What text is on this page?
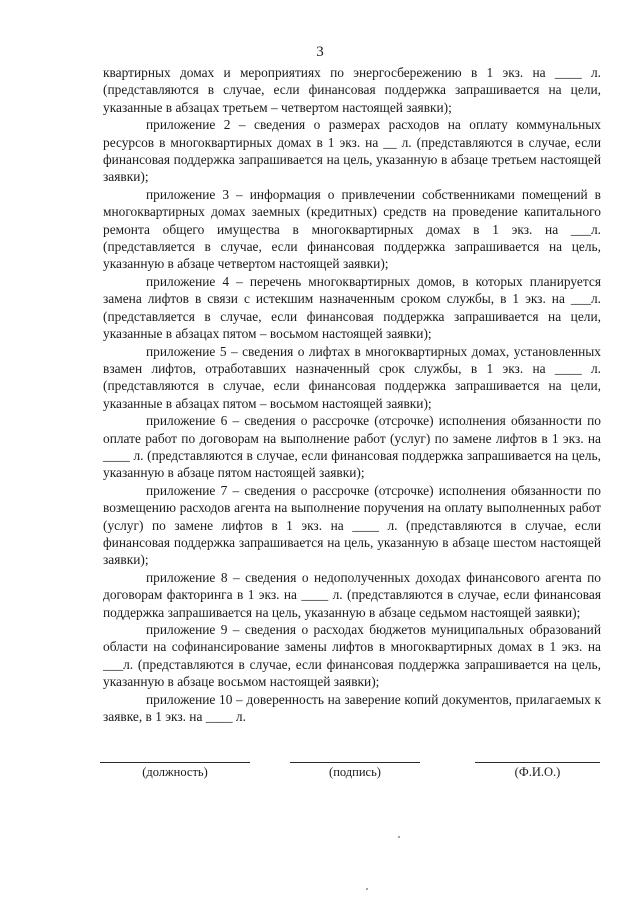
3

квартирных домах и мероприятиях по энергосбережению в 1 экз. на ____ л. (представляются в случае, если финансовая поддержка запрашивается на цели, указанные в абзацах третьем – четвертом настоящей заявки);

приложение 2 – сведения о размерах расходов на оплату коммунальных ресурсов в многоквартирных домах в 1 экз. на __ л. (представляются в случае, если финансовая поддержка запрашивается на цель, указанную в абзаце третьем настоящей заявки);

приложение 3 – информация о привлечении собственниками помещений в многоквартирных домах заемных (кредитных) средств на проведение капитального ремонта общего имущества в многоквартирных домах в 1 экз. на ___л. (представляется в случае, если финансовая поддержка запрашивается на цель, указанную в абзаце четвертом настоящей заявки);

приложение 4 – перечень многоквартирных домов, в которых планируется замена лифтов в связи с истекшим назначенным сроком службы, в 1 экз. на ___л. (представляется в случае, если финансовая поддержка запрашивается на цели, указанные в абзацах пятом – восьмом настоящей заявки);

приложение 5 – сведения о лифтах в многоквартирных домах, установленных взамен лифтов, отработавших назначенный срок службы, в 1 экз. на ____ л. (представляются в случае, если финансовая поддержка запрашивается на цели, указанные в абзацах пятом – восьмом настоящей заявки);

приложение 6 – сведения о рассрочке (отсрочке) исполнения обязанности по оплате работ по договорам на выполнение работ (услуг) по замене лифтов в 1 экз. на ____ л. (представляются в случае, если финансовая поддержка запрашивается на цель, указанную в абзаце пятом настоящей заявки);

приложение 7 – сведения о рассрочке (отсрочке) исполнения обязанности по возмещению расходов агента на выполнение поручения на оплату выполненных работ (услуг) по замене лифтов в 1 экз. на ____ л. (представляются в случае, если финансовая поддержка запрашивается на цель, указанную в абзаце шестом настоящей заявки);

приложение 8 – сведения о недополученных доходах финансового агента по договорам факторинга в 1 экз. на ____ л. (представляются в случае, если финансовая поддержка запрашивается на цель, указанную в абзаце седьмом настоящей заявки);

приложение 9 – сведения о расходах бюджетов муниципальных образований области на софинансирование замены лифтов в многоквартирных домах в 1 экз. на ___л. (представляются в случае, если финансовая поддержка запрашивается на цель, указанную в абзаце восьмом настоящей заявки);

приложение 10 – доверенность на заверение копий документов, прилагаемых к заявке, в 1 экз. на ____ л.

(должность)	(подпись)	(Ф.И.О.)
